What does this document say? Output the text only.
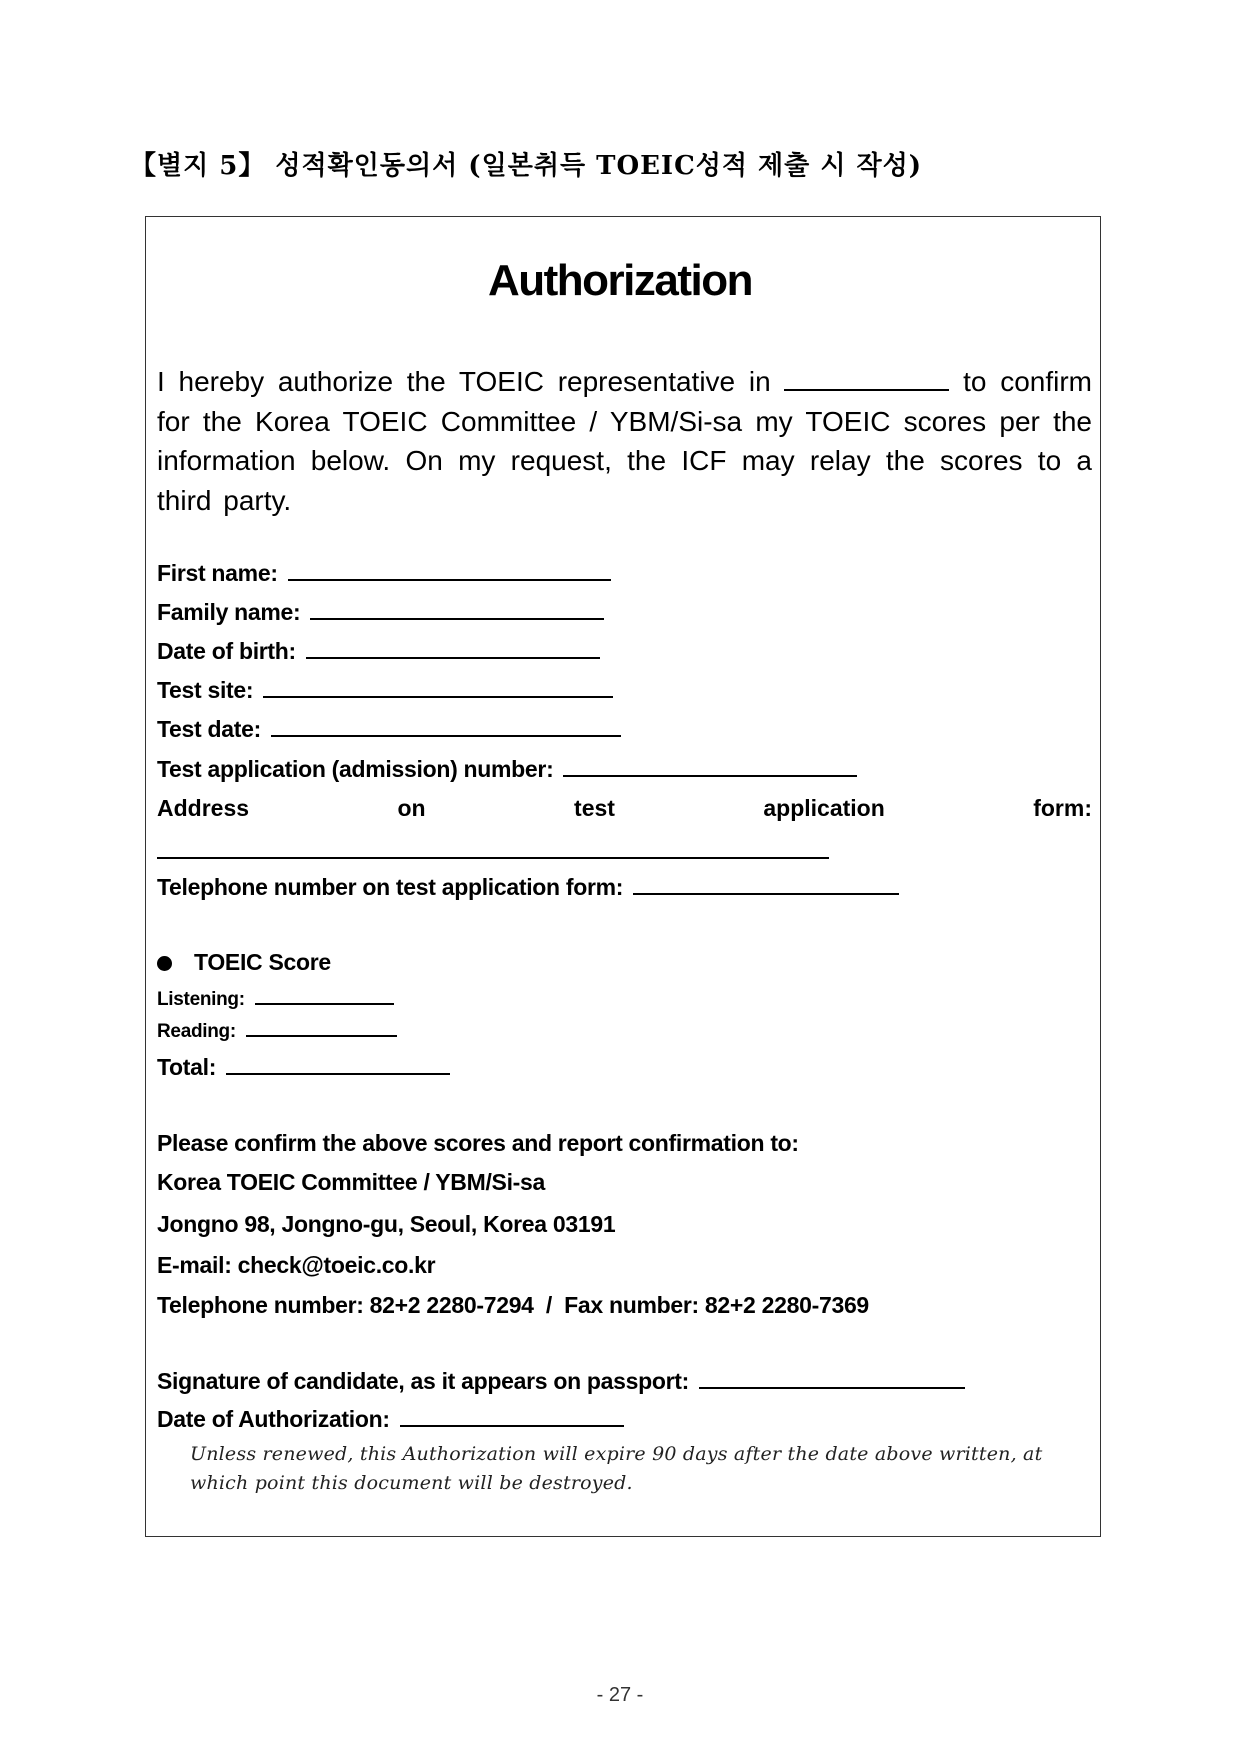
【별지 5】 성적확인동의서 (일본취득 TOEIC성적 제출 시 작성)
Authorization
I hereby authorize the TOEIC representative in	to confirm for the Korea TOEIC Committee / YBM/Si-sa my TOEIC scores per the information below. On my request, the ICF may relay the scores to a third party.
First name:
Family name:
Date of birth:
Test site:
Test date:
Test application (admission) number:
Address	on	test	application	form:
Telephone number on test application form:
TOEIC Score
Listening:
Reading:
Total:
Please confirm the above scores and report confirmation to:
Korea TOEIC Committee / YBM/Si-sa
Jongno 98, Jongno-gu, Seoul, Korea 03191
E-mail: check@toeic.co.kr
Telephone number: 82+2 2280-7294  /  Fax number: 82+2 2280-7369
Signature of candidate, as it appears on passport:
Date of Authorization:
Unless renewed, this Authorization will expire 90 days after the date above written, at
which point this document will be destroyed.
- 27 -
